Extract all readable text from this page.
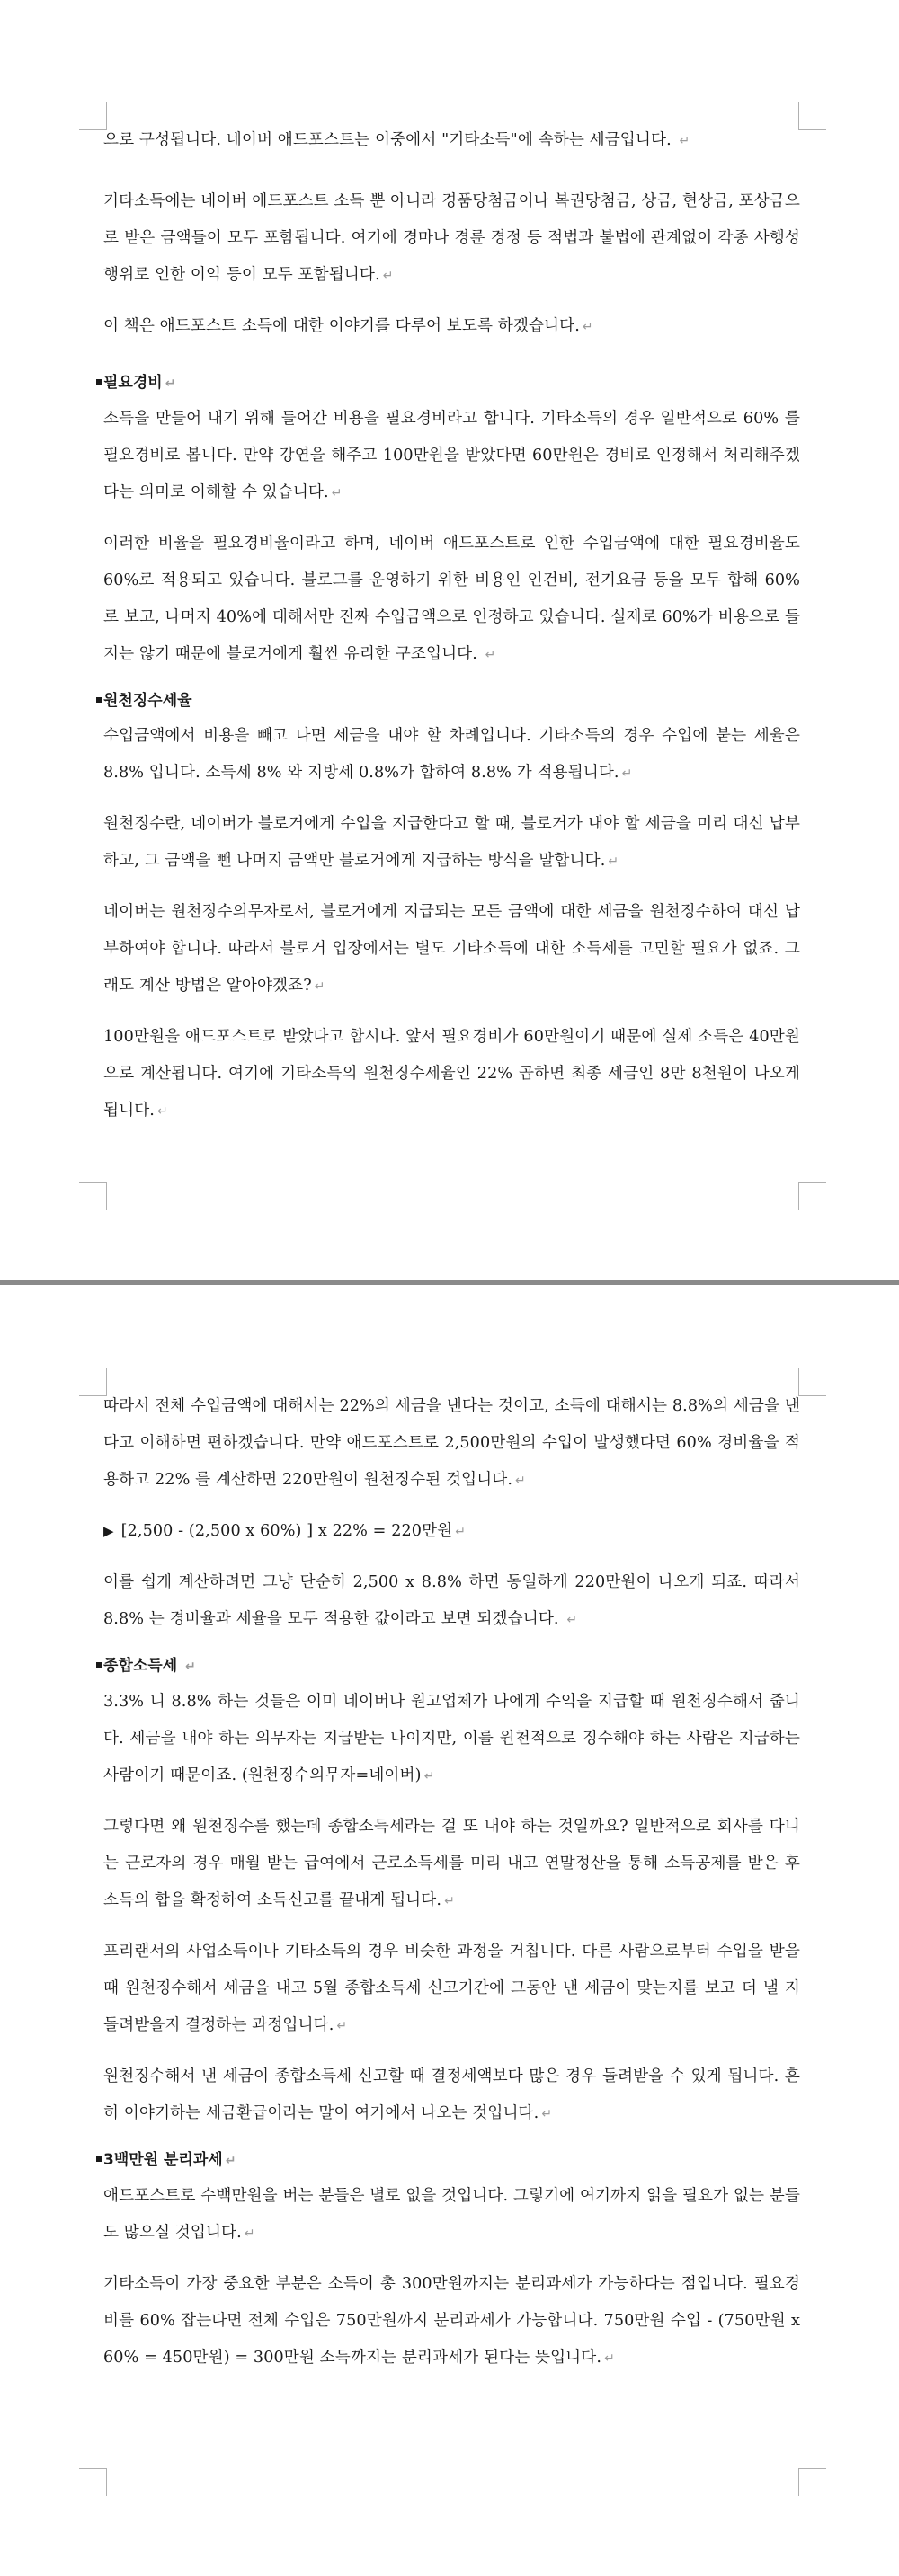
으로 구성됩니다. 네이버 애드포스트는 이중에서 "기타소득"에 속하는 세금입니다. ↵

기타소득에는 네이버 애드포스트 소득 뿐 아니라 경품당첨금이나 복권당첨금, 상금, 현상금, 포상금으로 받은 금액들이 모두 포함됩니다. 여기에 경마나 경륜 경정 등 적법과 불법에 관계없이 각종 사행성 행위로 인한 이익 등이 모두 포함됩니다. ↵

이 책은 애드포스트 소득에 대한 이야기를 다루어 보도록 하겠습니다. ↵

필요경비 ↵

소득을 만들어 내기 위해 들어간 비용을 필요경비라고 합니다. 기타소득의 경우 일반적으로 60% 를 필요경비로 봅니다. 만약 강연을 해주고 100만원을 받았다면 60만원은 경비로 인정해서 처리해주겠다는 의미로 이해할 수 있습니다. ↵

이러한 비율을 필요경비율이라고 하며, 네이버 애드포스트로 인한 수입금액에 대한 필요경비율도 60%로 적용되고 있습니다. 블로그를 운영하기 위한 비용인 인건비, 전기요금 등을 모두 합해 60% 로 보고, 나머지 40%에 대해서만 진짜 수입금액으로 인정하고 있습니다. 실제로 60%가 비용으로 들지는 않기 때문에 블로거에게 훨씬 유리한 구조입니다. ↵

원천징수세율

수입금액에서 비용을 빼고 나면 세금을 내야 할 차례입니다. 기타소득의 경우 수입에 붙는 세율은 8.8% 입니다. 소득세 8% 와 지방세 0.8%가 합하여 8.8% 가 적용됩니다. ↵

원천징수란, 네이버가 블로거에게 수입을 지급한다고 할 때, 블로거가 내야 할 세금을 미리 대신 납부하고, 그 금액을 뺀 나머지 금액만 블로거에게 지급하는 방식을 말합니다. ↵

네이버는 원천징수의무자로서, 블로거에게 지급되는 모든 금액에 대한 세금을 원천징수하여 대신 납부하여야 합니다. 따라서 블로거 입장에서는 별도 기타소득에 대한 소득세를 고민할 필요가 없죠. 그래도 계산 방법은 알아야겠죠? ↵

100만원을 애드포스트로 받았다고 합시다. 앞서 필요경비가 60만원이기 때문에 실제 소득은 40만원으로 계산됩니다. 여기에 기타소득의 원천징수세율인 22% 곱하면 최종 세금인 8만 8천원이 나오게 됩니다. ↵

따라서 전체 수입금액에 대해서는 22%의 세금을 낸다는 것이고, 소득에 대해서는 8.8%의 세금을 낸다고 이해하면 편하겠습니다. 만약 애드포스트로 2,500만원의 수입이 발생했다면 60% 경비율을 적용하고 22% 를 계산하면 220만원이 원천징수된 것입니다. ↵

▶ [2,500 - (2,500 x 60%) ] x 22% = 220만원 ↵

이를 쉽게 계산하려면 그냥 단순히 2,500 x 8.8% 하면 동일하게 220만원이 나오게 되죠. 따라서 8.8% 는 경비율과 세율을 모두 적용한 값이라고 보면 되겠습니다. ↵

종합소득세 ↵

3.3% 니 8.8% 하는 것들은 이미 네이버나 원고업체가 나에게 수익을 지급할 때 원천징수해서 줍니다. 세금을 내야 하는 의무자는 지급받는 나이지만, 이를 원천적으로 징수해야 하는 사람은 지급하는 사람이기 때문이죠. (원천징수의무자=네이버) ↵

그렇다면 왜 원천징수를 했는데 종합소득세라는 걸 또 내야 하는 것일까요? 일반적으로 회사를 다니는 근로자의 경우 매월 받는 급여에서 근로소득세를 미리 내고 연말정산을 통해 소득공제를 받은 후 소득의 합을 확정하여 소득신고를 끝내게 됩니다. ↵

프리랜서의 사업소득이나 기타소득의 경우 비슷한 과정을 거칩니다. 다른 사람으로부터 수입을 받을 때 원천징수해서 세금을 내고 5월 종합소득세 신고기간에 그동안 낸 세금이 맞는지를 보고 더 낼 지 돌려받을지 결정하는 과정입니다. ↵

원천징수해서 낸 세금이 종합소득세 신고할 때 결정세액보다 많은 경우 돌려받을 수 있게 됩니다. 흔히 이야기하는 세금환급이라는 말이 여기에서 나오는 것입니다. ↵

3백만원 분리과세 ↵

애드포스트로 수백만원을 버는 분들은 별로 없을 것입니다. 그렇기에 여기까지 읽을 필요가 없는 분들도 많으실 것입니다. ↵

기타소득이 가장 중요한 부분은 소득이 총 300만원까지는 분리과세가 가능하다는 점입니다. 필요경비를 60% 잡는다면 전체 수입은 750만원까지 분리과세가 가능합니다. 750만원 수입 - (750만원 x 60% = 450만원) = 300만원 소득까지는 분리과세가 된다는 뜻입니다. ↵
